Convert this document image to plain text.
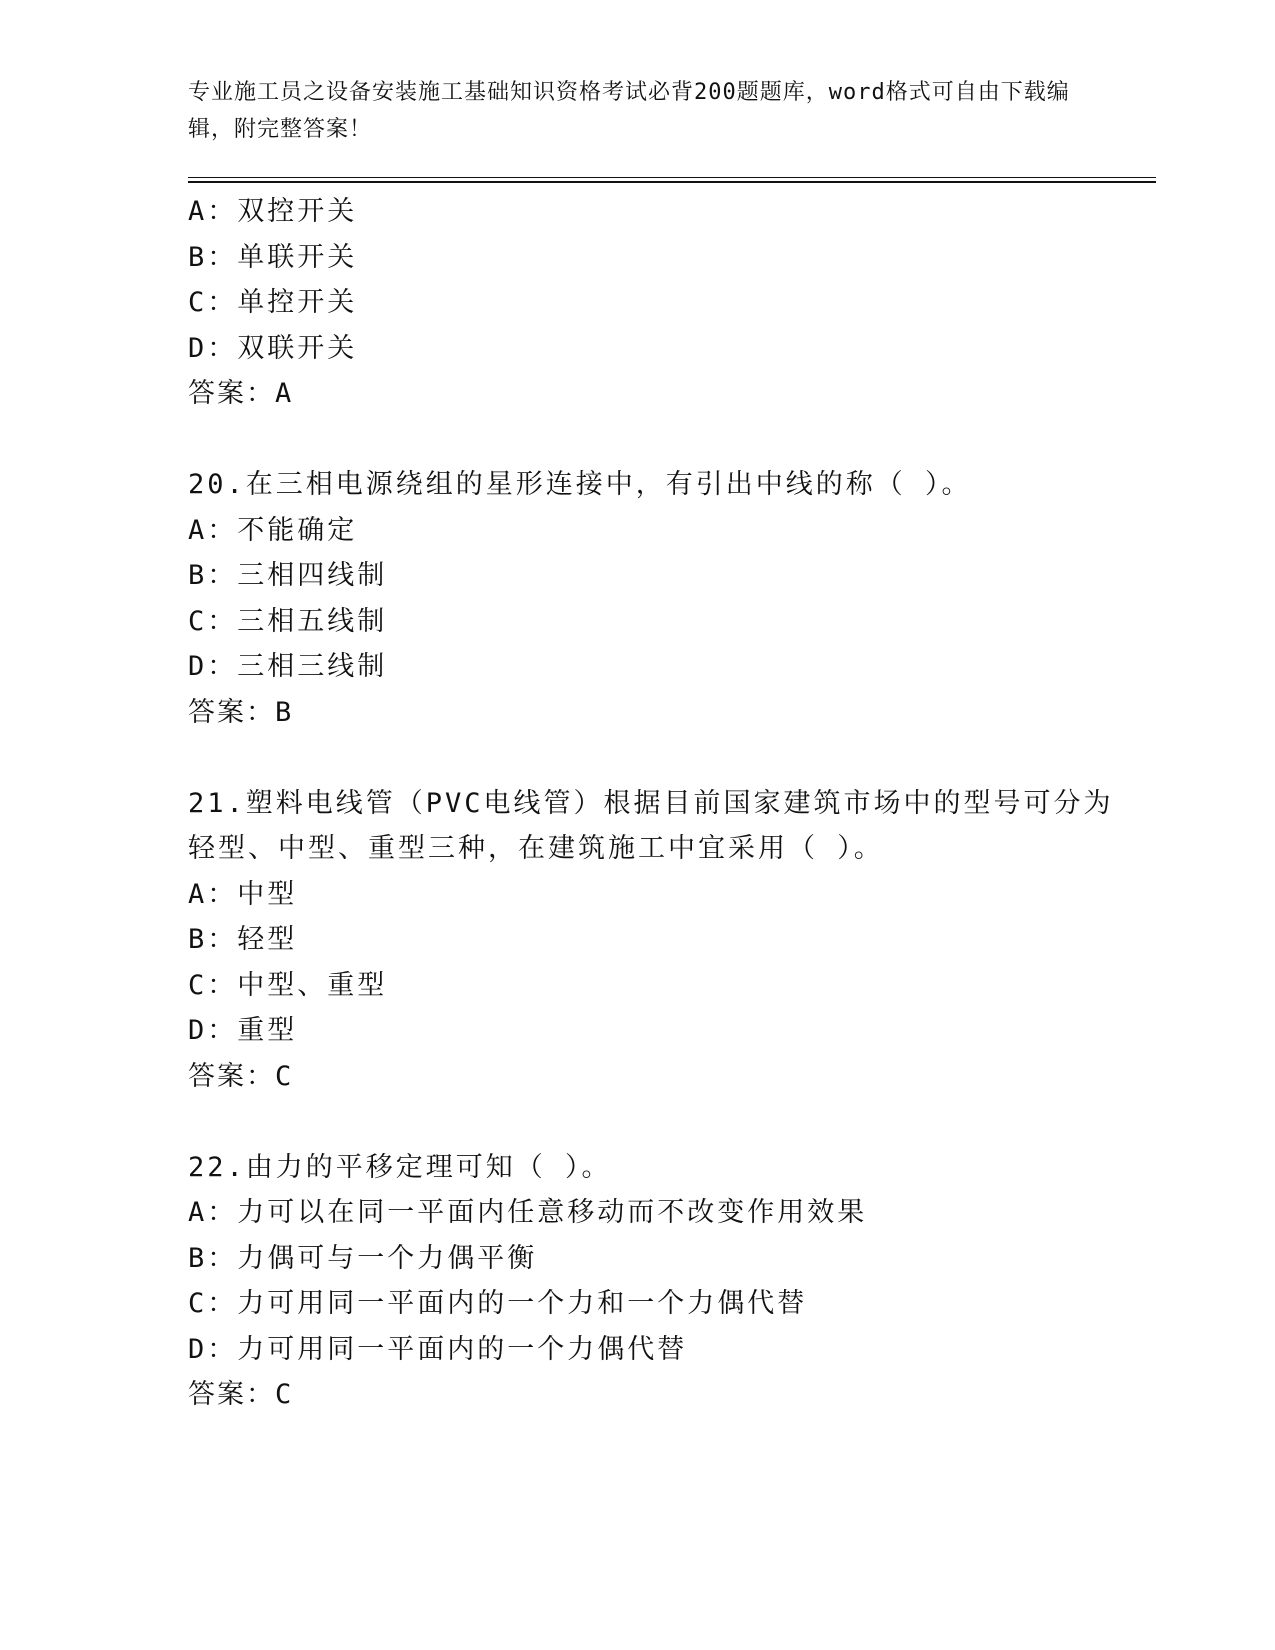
专业施工员之设备安装施工基础知识资格考试必背200题题库，word格式可自由下载编辑，附完整答案！
A：双控开关
B：单联开关
C：单控开关
D：双联开关
答案：A
20.在三相电源绕组的星形连接中，有引出中线的称（ ）。
A：不能确定
B：三相四线制
C：三相五线制
D：三相三线制
答案：B
21.塑料电线管（PVC电线管）根据目前国家建筑市场中的型号可分为
轻型、中型、重型三种，在建筑施工中宜采用（ ）。
A：中型
B：轻型
C：中型、重型
D：重型
答案：C
22.由力的平移定理可知（ ）。
A：力可以在同一平面内任意移动而不改变作用效果
B：力偶可与一个力偶平衡
C：力可用同一平面内的一个力和一个力偶代替
D：力可用同一平面内的一个力偶代替
答案：C
